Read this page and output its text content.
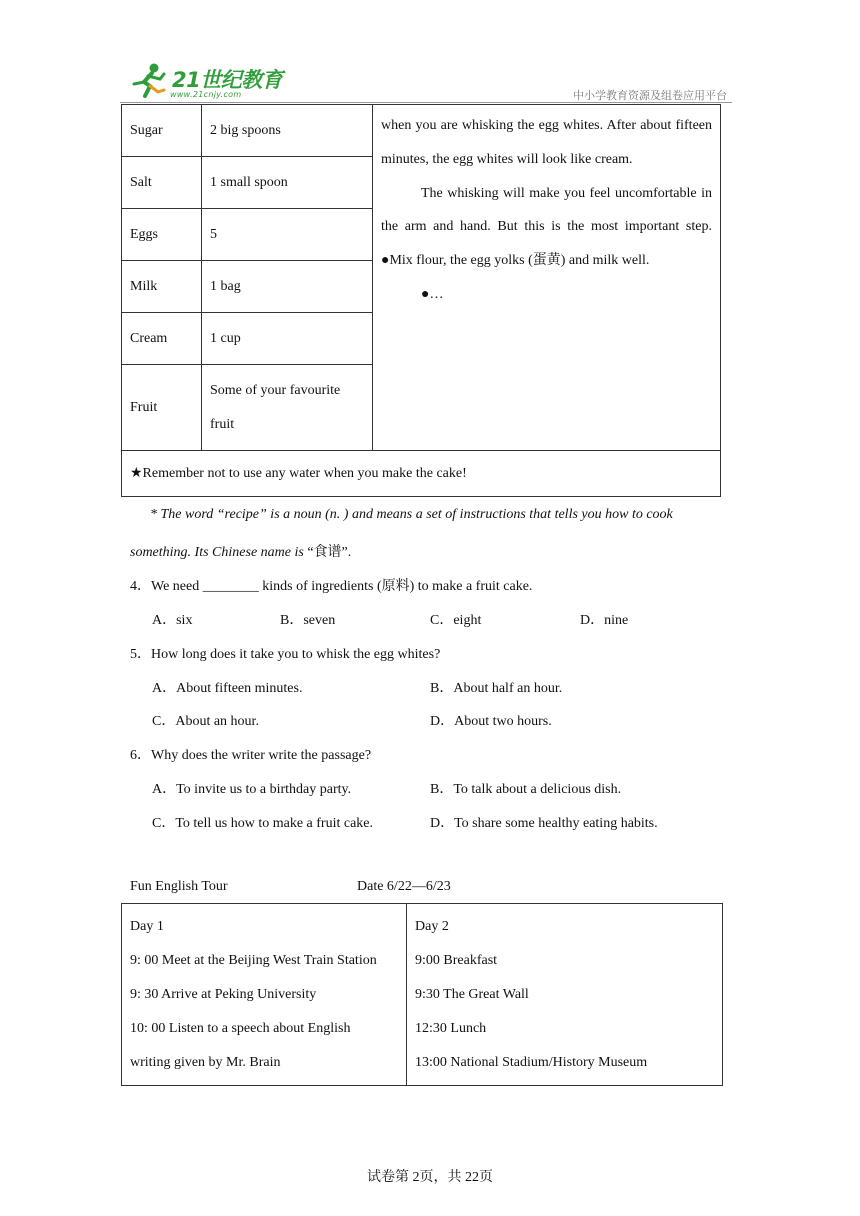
21世纪教育
www.21cnjy.com	中小学教育资源及组卷应用平台
Sugar	2 big spoons	when you are whisking the egg whites. After about fifteen minutes, the egg whites will look like cream.

The whisking will make you feel uncomfortable in the arm and hand. But this is the most important step. ●Mix flour, the egg yolks (蛋黄) and milk well.

●…

Salt	1 small spoon	
Eggs	5	
Milk	1 bag	
Cream	1 cup	
Fruit	Some of your favourite fruit	
★Remember not to use any water when you make the cake!		
* The word “recipe” is a noun (n. ) and means a set of instructions that tells you how to cook
something. Its Chinese name is “食谱”.
4．We need ________ kinds of ingredients (原料) to make a fruit cake.
A．six	B．seven	C．eight	D．nine
5．How long does it take you to whisk the egg whites?
A．About fifteen minutes.	B．About half an hour.
C．About an hour.	D．About two hours.
6．Why does the writer write the passage?
A．To invite us to a birthday party.	B．To talk about a delicious dish.
C．To tell us how to make a fruit cake.	D．To share some healthy eating habits.
Fun English Tour	Date 6/22—6/23

Day 1

9: 00 Meet at the Beijing West Train Station

9: 30 Arrive at Peking University

10: 00 Listen to a speech about English

writing given by Mr. Brain

Day 2

9:00 Breakfast

9:30 The Great Wall

12:30 Lunch

13:00 National Stadium/History Museum

试卷第 2页，共 22页
